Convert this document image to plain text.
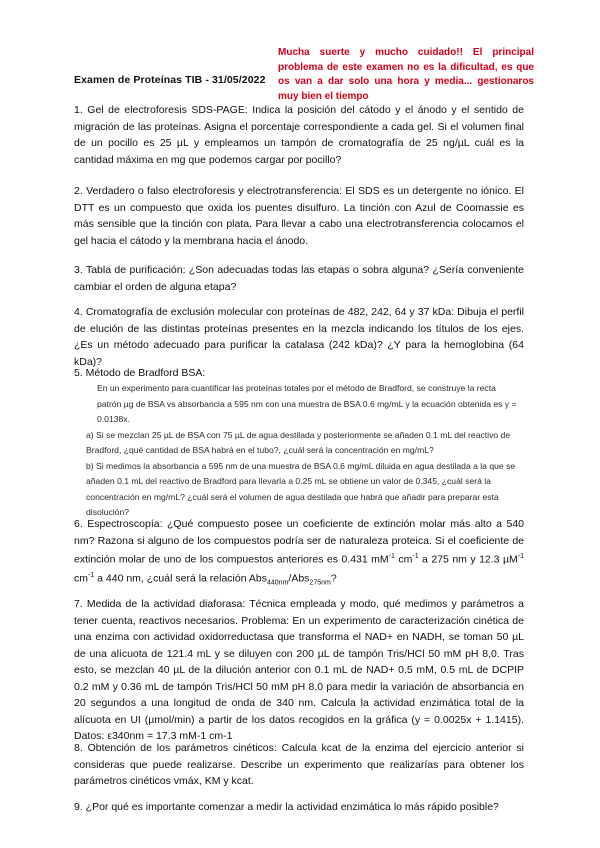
Mucha suerte y mucho cuidado!! El principal problema de este examen no es la dificultad, es que os van a dar solo una hora y media... gestionaros muy bien el tiempo
Examen de Proteínas TIB - 31/05/2022
1. Gel de electroforesis SDS-PAGE: Indica la posición del cátodo y el ánodo y el sentido de migración de las proteínas. Asigna el porcentaje correspondiente a cada gel. Si el volumen final de un pocillo es 25 µL y empleamos un tampón de cromatografía de 25 ng/µL cuál es la cantidad máxima en mg que podemos cargar por pocillo?
2. Verdadero o falso electroforesis y electrotransferencia: El SDS es un detergente no iónico. El DTT es un compuesto que oxida los puentes disulfuro. La tinción con Azul de Coomassie es más sensible que la tinción con plata. Para llevar a cabo una electrotransferencia colocamos el gel hacia el cátodo y la membrana hacia el ánodo.
3. Tabla de purificación: ¿Son adecuadas todas las etapas o sobra alguna? ¿Sería conveniente cambiar el orden de alguna etapa?
4. Cromatografía de exclusión molecular con proteínas de 482, 242, 64 y 37 kDa: Dibuja el perfil de elución de las distintas proteínas presentes en la mezcla indicando los títulos de los ejes. ¿Es un método adecuado para purificar la catalasa (242 kDa)? ¿Y para la hemoglobina (64 kDa)?
5. Método de Bradford BSA:
En un experimento para cuantificar las proteínas totales por el método de Bradford, se construye la recta patrón µg de BSA vs absorbancia a 595 nm con una muestra de BSA 0.6 mg/mL y la ecuación obtenida es y = 0.0138x.
a) Si se mezclan 25 µL de BSA con 75 µL de agua destilada y posteriormente se añaden 0.1 mL del reactivo de Bradford, ¿qué cantidad de BSA habrá en el tubo?, ¿cuál será la concentración en mg/mL?
b) Si medimos la absorbancia a 595 nm de una muestra de BSA 0.6 mg/mL diluida en agua destilada a la que se añaden 0.1 mL del reactivo de Bradford para llevarla a 0.25 mL se obtiene un valor de 0.345, ¿cuál será la concentración en mg/mL? ¿cuál será el volumen de agua destilada que habrá que añadir para preparar esta disolución?
6. Espectroscopía: ¿Qué compuesto posee un coeficiente de extinción molar más alto a 540 nm? Razona si alguno de los compuestos podría ser de naturaleza proteica. Si el coeficiente de extinción molar de uno de los compuestos anteriores es 0.431 $mM^{-1}$ $cm^{-1}$ a 275 nm y 12.3 µM$^{-1}$ $cm^{-1}$ a 440 nm, ¿cuál será la relación Abs$_{440nm}$/Abs$_{275nm}$?
7. Medida de la actividad diaforasa: Técnica empleada y modo, qué medimos y parámetros a tener cuenta, reactivos necesarios. Problema: En un experimento de caracterización cinética de una enzima con actividad oxidorreductasa que transforma el NAD+ en NADH, se toman 50 µL de una alícuota de 121.4 mL y se diluyen con 200 µL de tampón Tris/HCl 50 mM pH 8,0. Tras esto, se mezclan 40 µL de la dilución anterior con 0.1 mL de NAD+ 0.5 mM, 0.5 mL de DCPIP 0.2 mM y 0.36 mL de tampón Tris/HCl 50 mM pH 8,0 para medir la variación de absorbancia en 20 segundos a una longitud de onda de 340 nm. Calcula la actividad enzimática total de la alícuota en UI (µmol/min) a partir de los datos recogidos en la gráfica (y = 0.0025x + 1.1415). Datos: ε340nm = 17.3 mM-1 cm-1
8. Obtención de los parámetros cinéticos: Calcula kcat de la enzima del ejercicio anterior si consideras que puede realizarse. Describe un experimento que realizarías para obtener los parámetros cinéticos vmáx, KM y kcat.
9. ¿Por qué es importante comenzar a medir la actividad enzimática lo más rápido posible?
